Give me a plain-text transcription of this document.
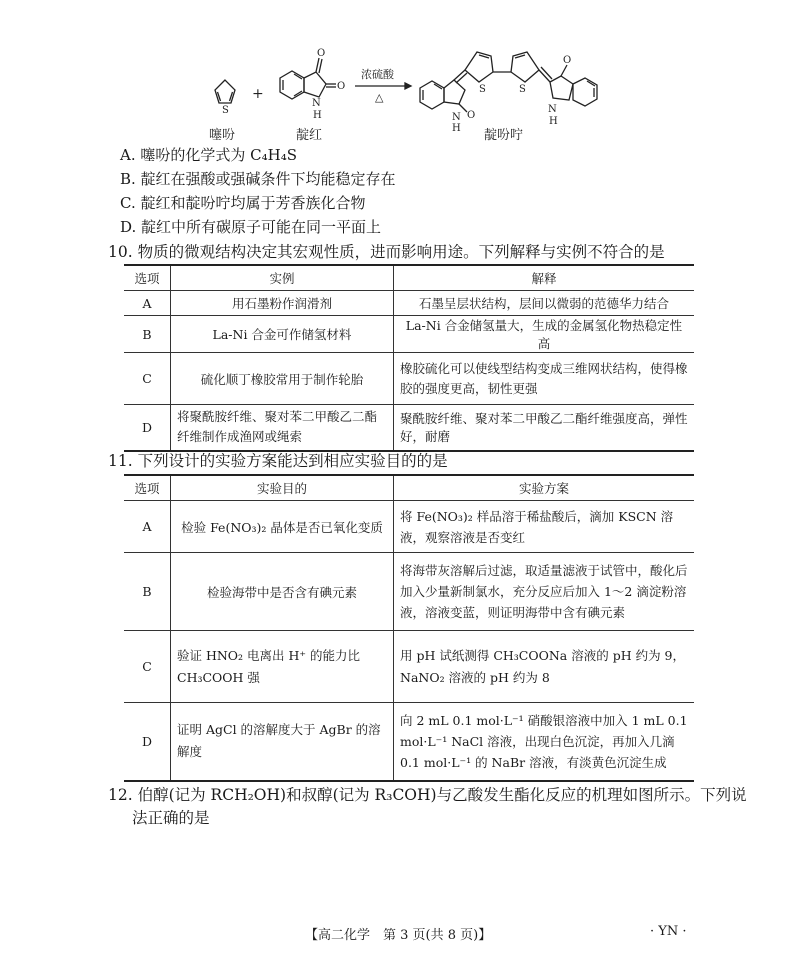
S
+
O
O
N
H
浓硫酸
△
O
N
H
S	S
O
N
H
噻吩	靛红	靛吩咛
A. 噻吩的化学式为 C₄H₄S
B. 靛红在强酸或强碱条件下均能稳定存在
C. 靛红和靛吩咛均属于芳香族化合物
D. 靛红中所有碳原子可能在同一平面上
10. 物质的微观结构决定其宏观性质，进而影响用途。下列解释与实例不符合的是
选项	实例	解释
A	用石墨粉作润滑剂	石墨呈层状结构，层间以微弱的范德华力结合
B	La-Ni 合金可作储氢材料	La-Ni 合金储氢量大，生成的金属氢化物热稳定性高
C	硫化顺丁橡胶常用于制作轮胎	橡胶硫化可以使线型结构变成三维网状结构，使得橡胶的强度更高，韧性更强
D	将聚酰胺纤维、聚对苯二甲酸乙二酯纤维制作成渔网或绳索	聚酰胺纤维、聚对苯二甲酸乙二酯纤维强度高，弹性好，耐磨
11. 下列设计的实验方案能达到相应实验目的的是
选项	实验目的	实验方案
A	检验 Fe(NO₃)₂ 晶体是否已氧化变质	将 Fe(NO₃)₂ 样品溶于稀盐酸后，滴加 KSCN 溶液，观察溶液是否变红
B	检验海带中是否含有碘元素	将海带灰溶解后过滤，取适量滤液于试管中，酸化后加入少量新制氯水，充分反应后加入 1～2 滴淀粉溶液，溶液变蓝，则证明海带中含有碘元素
C	验证 HNO₂ 电离出 H⁺ 的能力比 CH₃COOH 强	用 pH 试纸测得 CH₃COONa 溶液的 pH 约为 9，NaNO₂ 溶液的 pH 约为 8
D	证明 AgCl 的溶解度大于 AgBr 的溶解度	向 2 mL 0.1 mol·L⁻¹ 硝酸银溶液中加入 1 mL 0.1 mol·L⁻¹ NaCl 溶液，出现白色沉淀，再加入几滴 0.1 mol·L⁻¹ 的 NaBr 溶液，有淡黄色沉淀生成
12. 伯醇(记为 RCH₂OH)和叔醇(记为 R₃COH)与乙酸发生酯化反应的机理如图所示。下列说
法正确的是
【高二化学　第 3 页(共 8 页)】	· YN ·
